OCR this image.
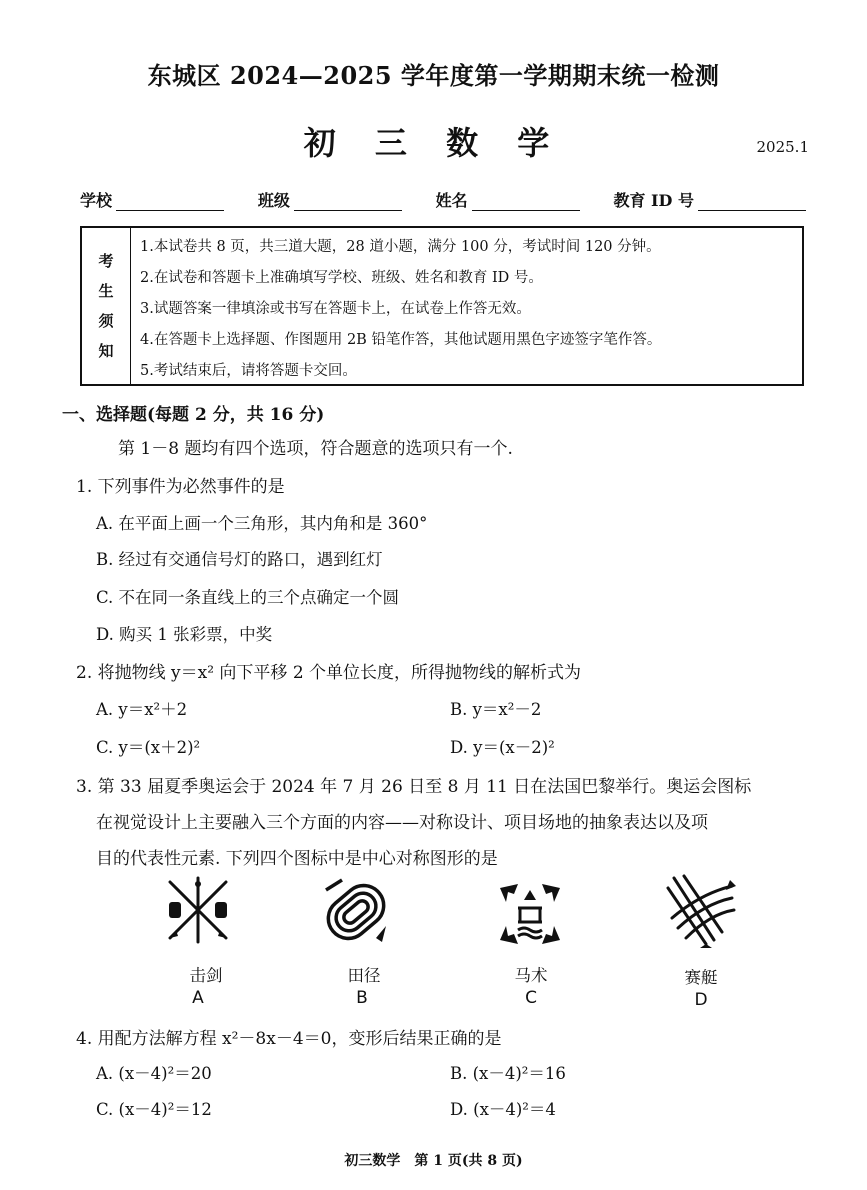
东城区 2024—2025 学年度第一学期期末统一检测
初 三 数 学	2025.1
学校	班级	姓名	教育 ID 号
考
生
须
知
1.本试卷共 8 页，共三道大题，28 道小题，满分 100 分，考试时间 120 分钟。
2.在试卷和答题卡上准确填写学校、班级、姓名和教育 ID 号。
3.试题答案一律填涂或书写在答题卡上，在试卷上作答无效。
4.在答题卡上选择题、作图题用 2B 铅笔作答，其他试题用黑色字迹签字笔作答。
5.考试结束后，请将答题卡交回。
一、选择题(每题 2 分，共 16 分)
第 1－8 题均有四个选项，符合题意的选项只有一个.
1. 下列事件为必然事件的是
A. 在平面上画一个三角形，其内角和是 360°
B. 经过有交通信号灯的路口，遇到红灯
C. 不在同一条直线上的三个点确定一个圆
D. 购买 1 张彩票，中奖
2. 将抛物线 y＝x² 向下平移 2 个单位长度，所得抛物线的解析式为
A. y＝x²＋2	B. y＝x²－2
C. y＝(x＋2)²	D. y＝(x－2)²
3. 第 33 届夏季奥运会于 2024 年 7 月 26 日至 8 月 11 日在法国巴黎举行。奥运会图标
在视觉设计上主要融入三个方面的内容——对称设计、项目场地的抽象表达以及项
目的代表性元素. 下列四个图标中是中心对称图形的是
击剑	田径	马术	赛艇
A	B	C	D
4. 用配方法解方程 x²－8x－4＝0，变形后结果正确的是
A. (x－4)²＝20	B. (x－4)²＝16
C. (x－4)²＝12	D. (x－4)²＝4
初三数学　第 1 页(共 8 页)
